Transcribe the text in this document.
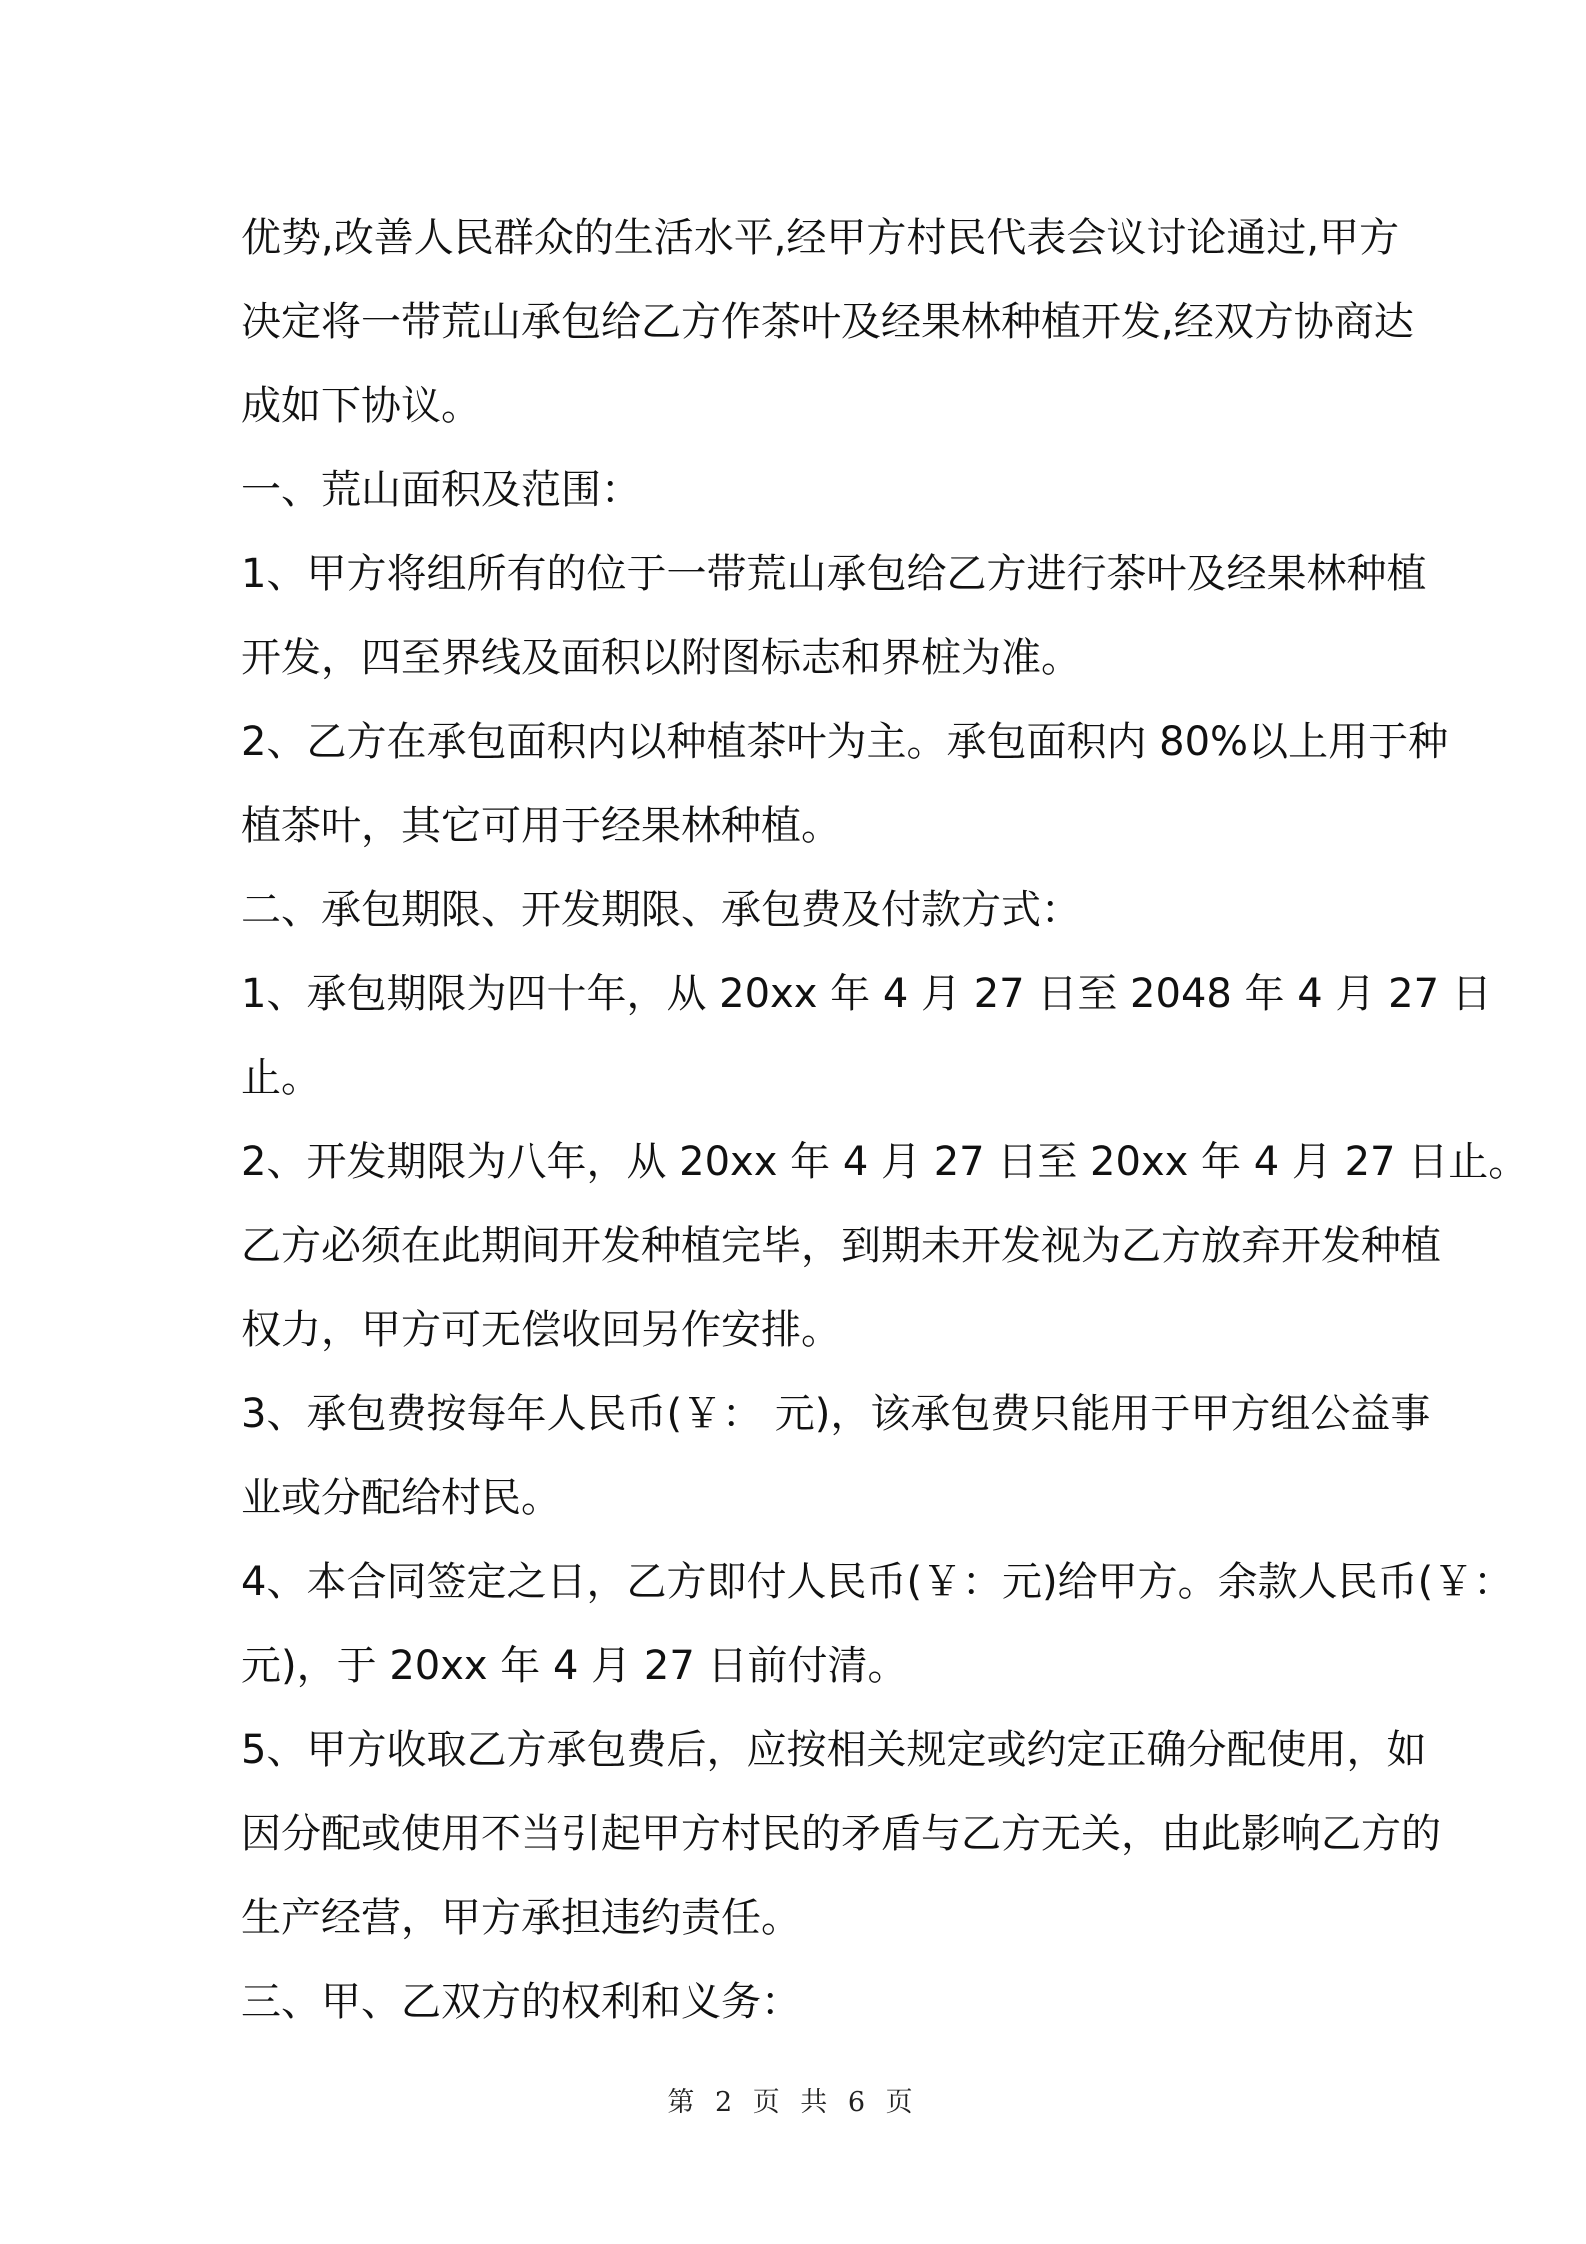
优势,改善人民群众的生活水平,经甲方村民代表会议讨论通过,甲方
决定将一带荒山承包给乙方作茶叶及经果林种植开发,经双方协商达
成如下协议。
一、荒山面积及范围：
1、甲方将组所有的位于一带荒山承包给乙方进行茶叶及经果林种植
开发，四至界线及面积以附图标志和界桩为准。
2、乙方在承包面积内以种植茶叶为主。承包面积内 80%以上用于种
植茶叶，其它可用于经果林种植。
二、承包期限、开发期限、承包费及付款方式：
1、承包期限为四十年，从 20xx 年 4 月 27 日至 2048 年 4 月 27 日
止。
2、开发期限为八年，从 20xx 年 4 月 27 日至 20xx 年 4 月 27 日止。
乙方必须在此期间开发种植完毕，到期未开发视为乙方放弃开发种植
权力，甲方可无偿收回另作安排。
3、承包费按每年人民币(￥： 元)，该承包费只能用于甲方组公益事
业或分配给村民。
4、本合同签定之日，乙方即付人民币(￥：元)给甲方。余款人民币(￥：
元)，于 20xx 年 4 月 27 日前付清。
5、甲方收取乙方承包费后，应按相关规定或约定正确分配使用，如
因分配或使用不当引起甲方村民的矛盾与乙方无关，由此影响乙方的
生产经营，甲方承担违约责任。
三、甲、乙双方的权利和义务：
第 2 页 共 6 页
